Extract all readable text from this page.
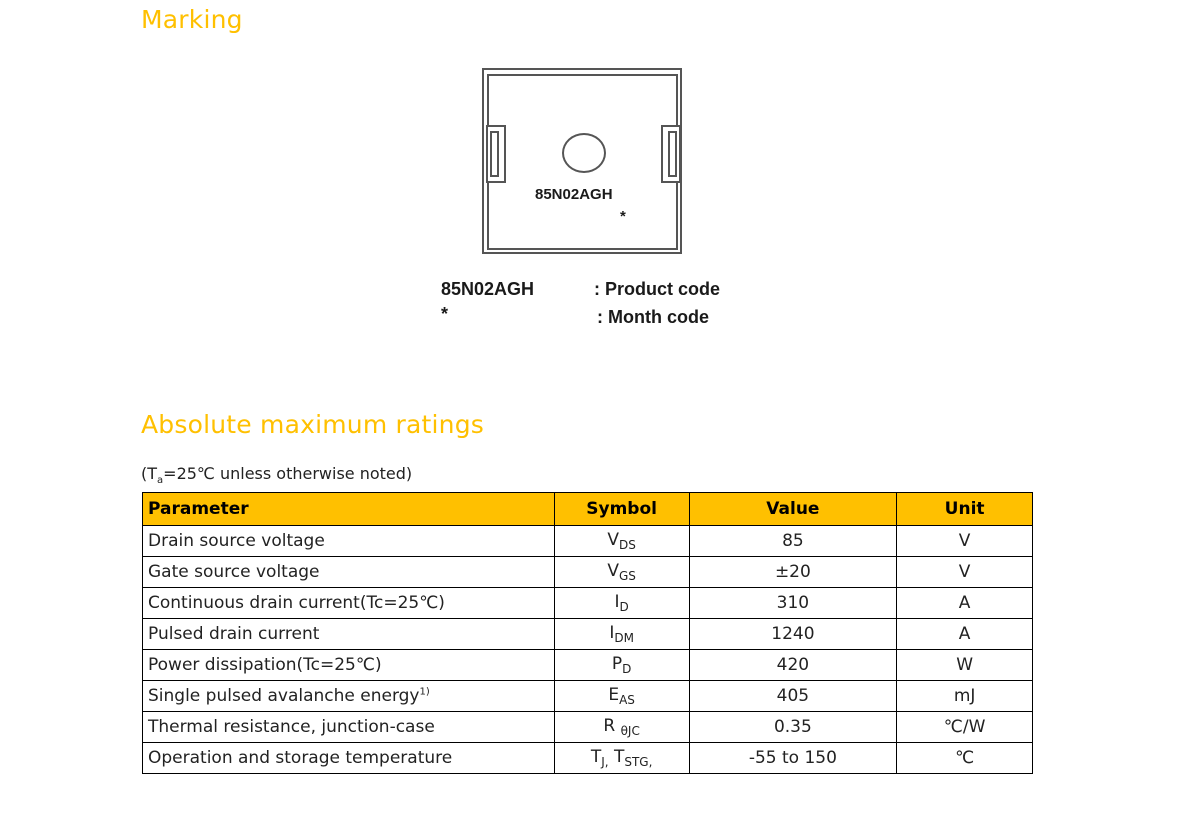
Marking

85N02AGH

*

85N02AGH	: Product code

*	: Month code

Absolute maximum ratings

($T_a=25℃$ unless otherwise noted)

Parameter	Symbol	Value	Unit
Drain source voltage	$V_{DS}$	85	V
Gate source voltage	$V_{GS}$	±20	V
Continuous drain current(Tc=25℃)	$I_D$	310	A
Pulsed drain current	$I_{DM}$	1240	A
Power dissipation(Tc=25℃)	$P_D$	420	W
Single pulsed avalanche energy$^{1)}$	$E_{AS}$	405	mJ
Thermal resistance, junction-case	R $_{\theta JC}$	0.35	℃/W
Operation and storage temperature	$T_{J,}$ $T_{STG,}$	-55 to 150	℃
